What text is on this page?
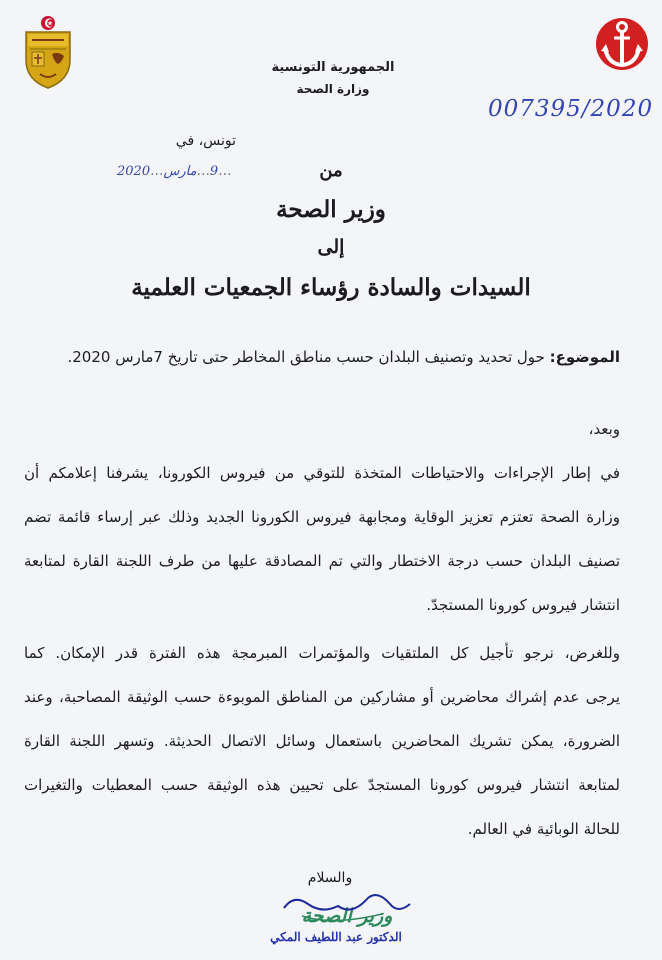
الجمهورية التونسية
وزارة الصحة
007395/2020
تونس، في  ...9...مارس...2020	من
وزير الصحة
إلى
السيدات والسادة رؤساء الجمعيات العلمية
الموضوع: حول تحديد وتصنيف البلدان حسب مناطق المخاطر حتى تاريخ 7مارس 2020.
وبعد،
في إطار الإجراءات والاحتياطات المتخذة للتوقي من فيروس الكورونا، يشرفنا إعلامكم أن
وزارة الصحة تعتزم تعزيز الوقاية ومجابهة فيروس الكورونا الجديد وذلك عبر إرساء قائمة تضم
تصنيف البلدان حسب درجة الاختطار والتي تم المصادقة عليها من طرف اللجنة القارة لمتابعة
انتشار فيروس كورونا المستجدّ.
وللغرض، نرجو تأجيل كل الملتقيات والمؤتمرات المبرمجة هذه الفترة قدر الإمكان. كما
يرجى عدم إشراك محاضرين أو مشاركين من المناطق الموبوءة حسب الوثيقة المصاحبة، وعند
الضرورة، يمكن تشريك المحاضرين باستعمال وسائل الاتصال الحديثة. وتسهر اللجنة القارة
لمتابعة انتشار فيروس كورونا المستجدّ على تحيين هذه الوثيقة حسب المعطيات والتغيرات
للحالة الوبائية في العالم.
والسلام
وزير الصحة
الدكتور عبد اللطيف المكي
